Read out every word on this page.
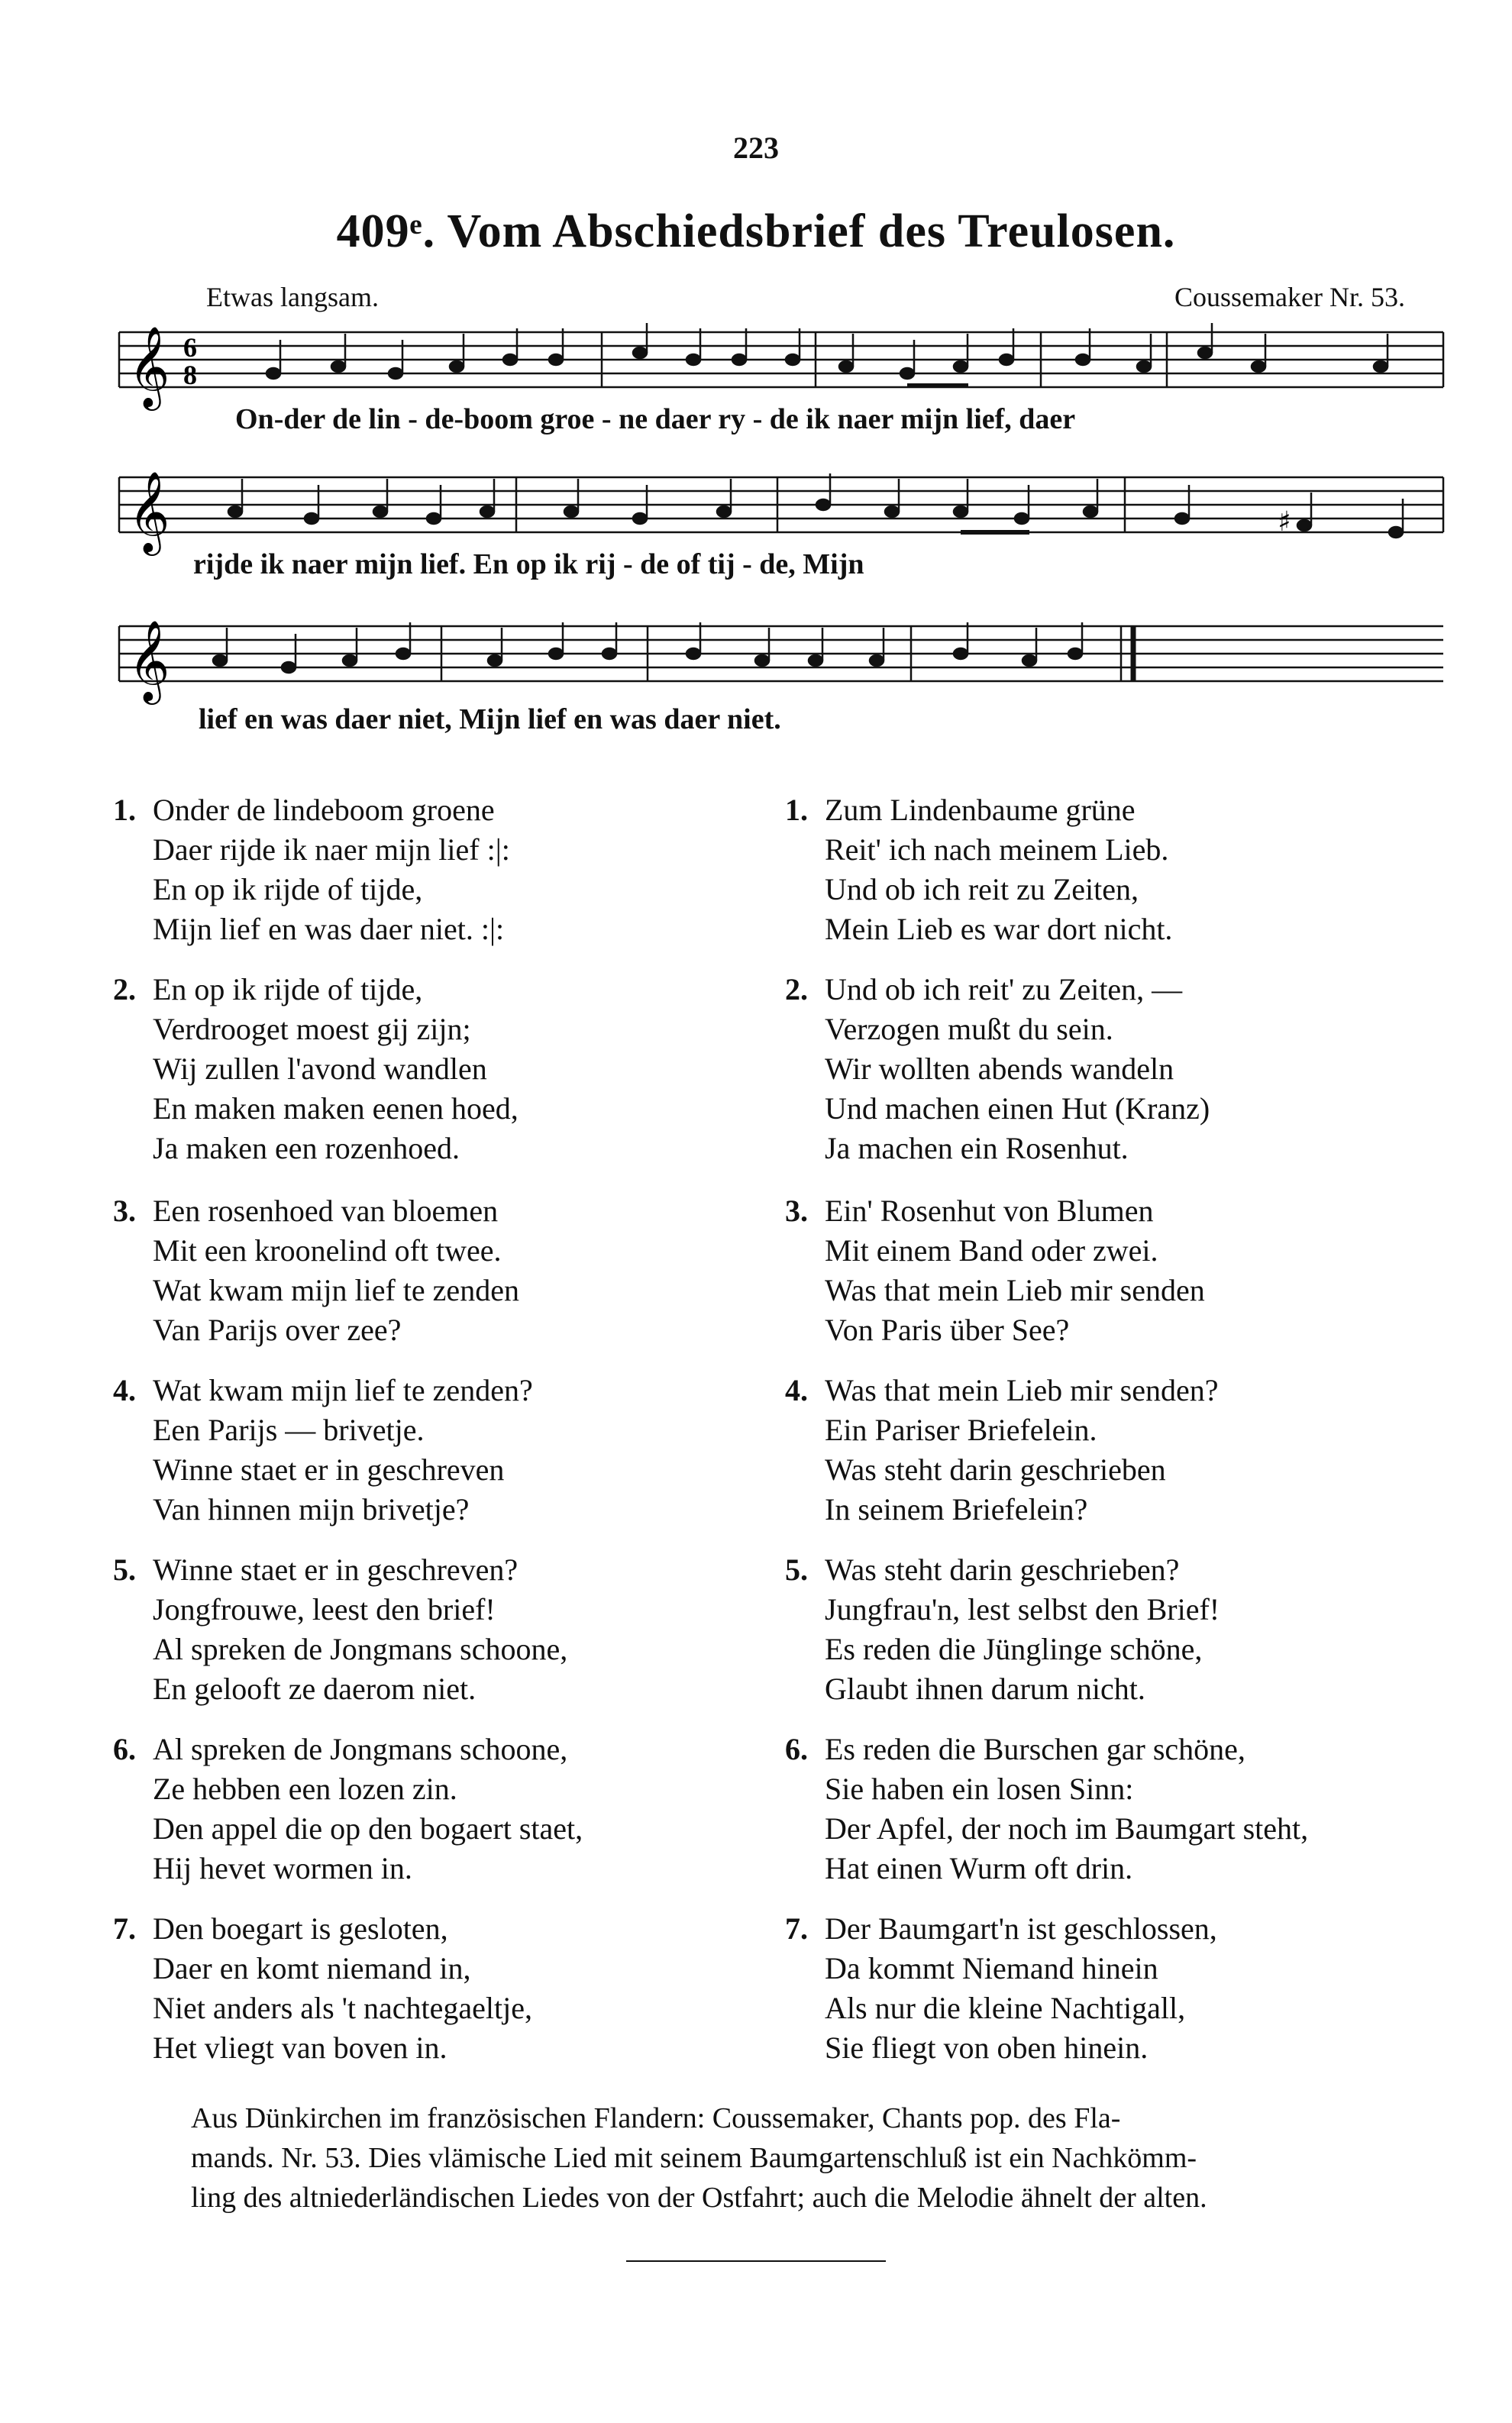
223
409ᵉ. Vom Abschiedsbrief des Treulosen.
Etwas langsam.	Coussemaker Nr. 53.
𝄞 6
8
On-der de lin - de-boom groe - ne daer ry - de ik naer mijn lief, daer
𝄞	♯
rijde ik naer mijn lief. En op ik rij - de of tij - de, Mijn
𝄞
lief en was daer niet, Mijn lief en was daer niet.
1. Onder de lindeboom groene
Daer rijde ik naer mijn lief :|:
En op ik rijde of tijde,
Mijn lief en was daer niet. :|:
2. En op ik rijde of tijde,
Verdrooget moest gij zijn;
Wij zullen l'avond wandlen
En maken maken eenen hoed,
Ja maken een rozenhoed.
3. Een rosenhoed van bloemen
Mit een kroonelind oft twee.
Wat kwam mijn lief te zenden
Van Parijs over zee?
4. Wat kwam mijn lief te zenden?
Een Parijs — brivetje.
Winne staet er in geschreven
Van hinnen mijn brivetje?
5. Winne staet er in geschreven?
Jongfrouwe, leest den brief!
Al spreken de Jongmans schoone,
En gelooft ze daerom niet.
6. Al spreken de Jongmans schoone,
Ze hebben een lozen zin.
Den appel die op den bogaert staet,
Hij hevet wormen in.
7. Den boegart is gesloten,
Daer en komt niemand in,
Niet anders als 't nachtegaeltje,
Het vliegt van boven in.
1. Zum Lindenbaume grüne
Reit' ich nach meinem Lieb.
Und ob ich reit zu Zeiten,
Mein Lieb es war dort nicht.
2. Und ob ich reit' zu Zeiten, —
Verzogen mußt du sein.
Wir wollten abends wandeln
Und machen einen Hut (Kranz)
Ja machen ein Rosenhut.
3. Ein' Rosenhut von Blumen
Mit einem Band oder zwei.
Was that mein Lieb mir senden
Von Paris über See?
4. Was that mein Lieb mir senden?
Ein Pariser Briefelein.
Was steht darin geschrieben
In seinem Briefelein?
5. Was steht darin geschrieben?
Jungfrau'n, lest selbst den Brief!
Es reden die Jünglinge schöne,
Glaubt ihnen darum nicht.
6. Es reden die Burschen gar schöne,
Sie haben ein losen Sinn:
Der Apfel, der noch im Baumgart steht,
Hat einen Wurm oft drin.
7. Der Baumgart'n ist geschlossen,
Da kommt Niemand hinein
Als nur die kleine Nachtigall,
Sie fliegt von oben hinein.
Aus Dünkirchen im französischen Flandern: Coussemaker, Chants pop. des Fla-
mands. Nr. 53. Dies vlämische Lied mit seinem Baumgartenschluß ist ein Nachkömm-
ling des altniederländischen Liedes von der Ostfahrt; auch die Melodie ähnelt der alten.
